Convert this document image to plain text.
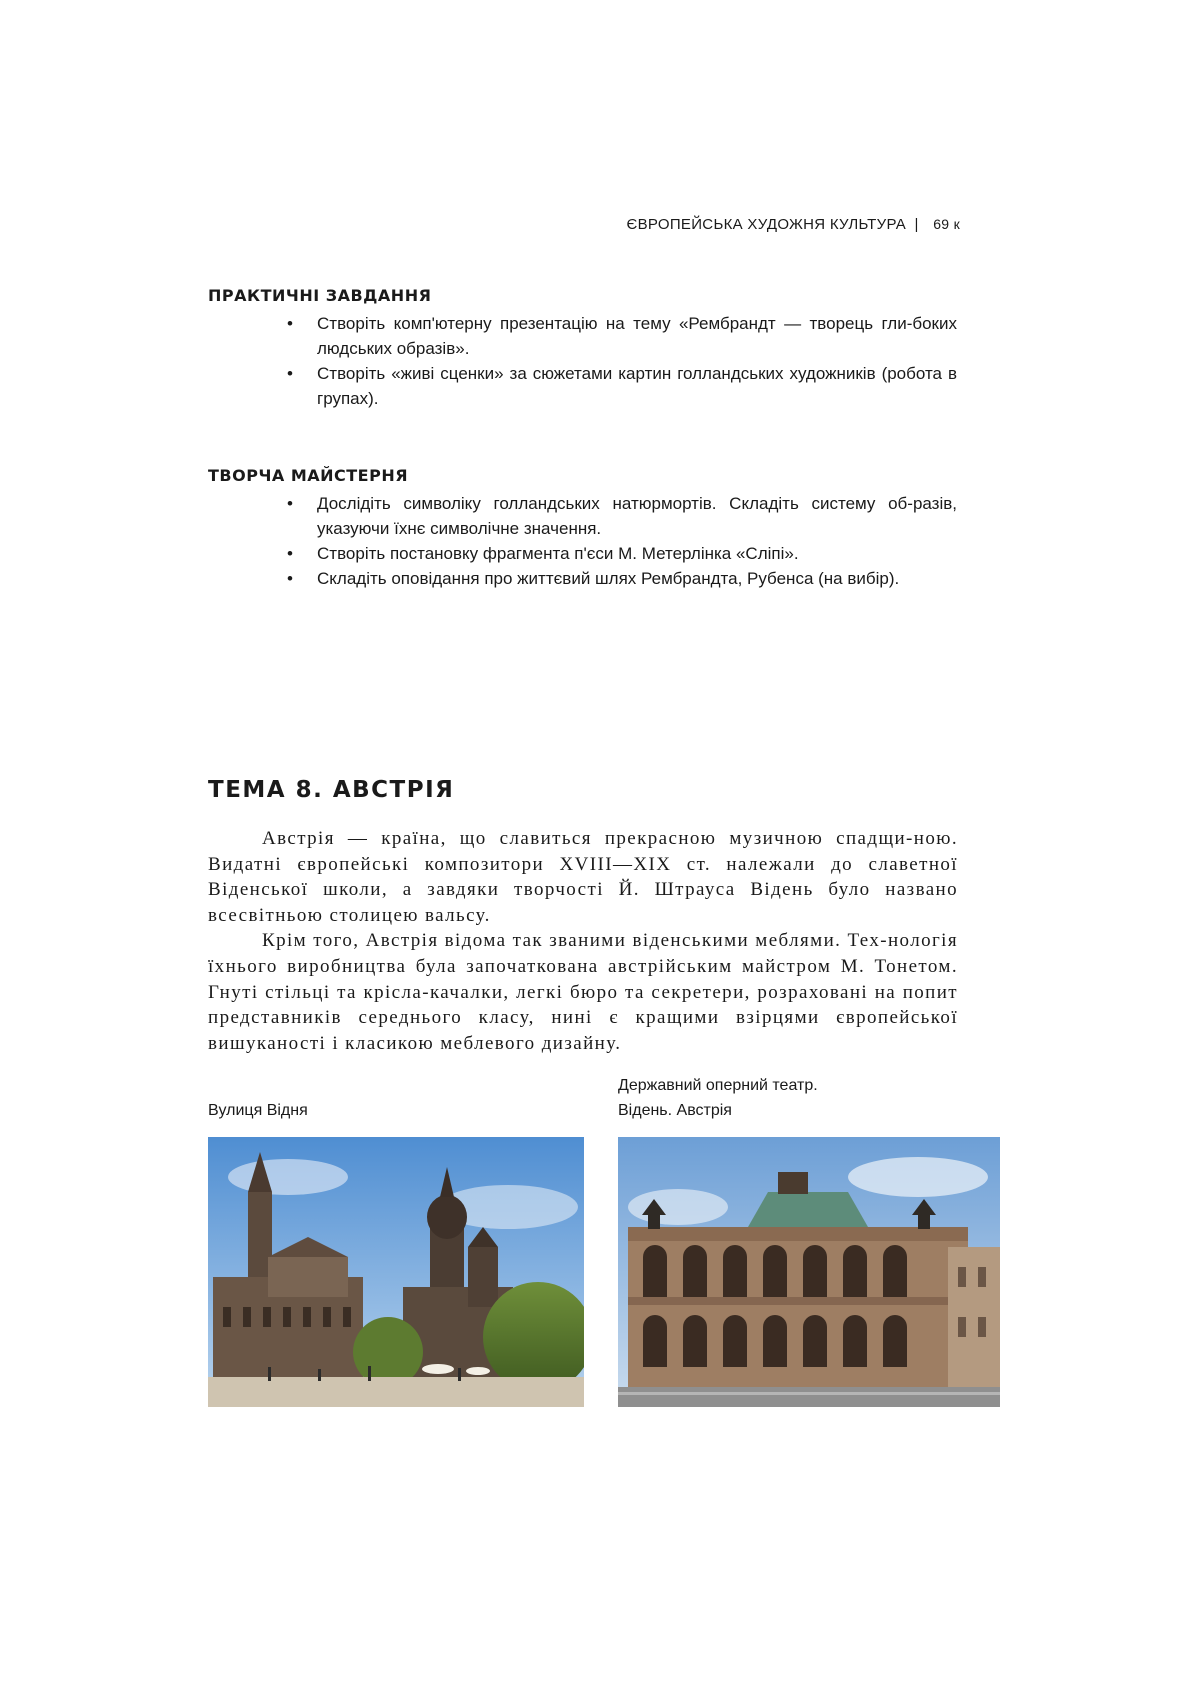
ЄВРОПЕЙСЬКА ХУДОЖНЯ КУЛЬТУРА | 69 к
ПРАКТИЧНІ ЗАВДАННЯ
• Створіть комп'ютерну презентацію на тему «Рембрандт — творець гли-боких людських образів».
• Створіть «живі сценки» за сюжетами картин голландських художників (робота в групах).
ТВОРЧА МАЙСТЕРНЯ
• Дослідіть символіку голландських натюрмортів. Складіть систему об-разів, указуючи їхнє символічне значення.
• Створіть постановку фрагмента п'єси М. Метерлінка «Сліпі».
• Складіть оповідання про життєвий шлях Рембрандта, Рубенса (на вибір).
ТЕМА 8. АВСТРІЯ

Австрія — країна, що славиться прекрасною музичною спадщи-ною. Видатні європейські композитори XVIII—XIX ст. належали до славетної Віденської школи, а завдяки творчості Й. Штрауса Відень було названо всесвітньою столицею вальсу.

Крім того, Австрія відома так званими віденськими меблями. Тех-нологія їхнього виробництва була започаткована австрійським майстром М. Тонетом. Гнуті стільці та крісла-качалки, легкі бюро та секретери, розраховані на попит представників середнього класу, нині є кращими взірцями європейської вишуканості і класикою меблевого дизайну.

Вулиця Відня
Державний оперний театр.
Відень. Австрія
